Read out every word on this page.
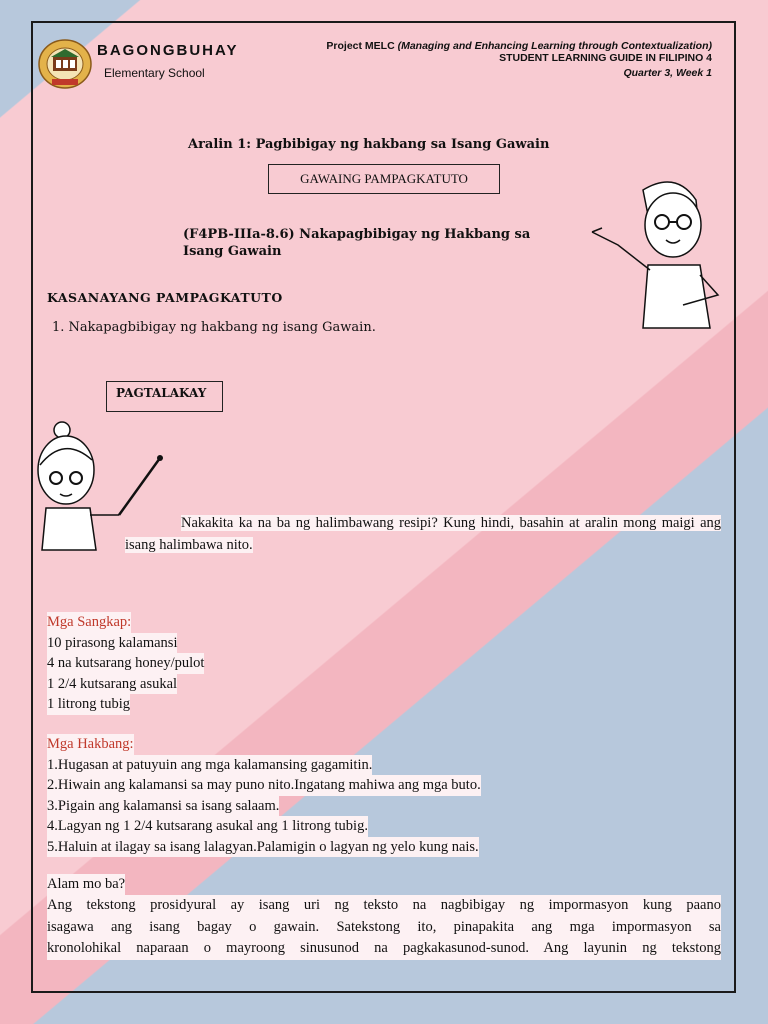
BAGONGBUHAY
Elementary School
Project MELC (Managing and Enhancing Learning through Contextualization)
STUDENT LEARNING GUIDE IN FILIPINO 4
Quarter 3, Week 1
Aralin 1: Pagbibigay ng hakbang sa Isang Gawain
GAWAING PAMPAGKATUTO
(F4PB-IIIa-8.6) Nakapagbibigay ng Hakbang sa Isang Gawain
KASANAYANG PAMPAGKATUTO
1. Nakapagbibigay ng hakbang ng isang Gawain.
PAGTALAKAY
Nakakita ka na ba ng halimbawang resipi? Kung hindi, basahin at aralin mong maigi ang isang halimbawa nito.
Mga Sangkap:
10 pirasong kalamansi
4 na kutsarang honey/pulot
1 2/4 kutsarang asukal
1 litrong tubig
Mga Hakbang:
1.Hugasan at patuyuin ang mga kalamansing gagamitin.
2.Hiwain ang kalamansi sa may puno nito.Ingatang mahiwa ang mga buto.
3.Pigain ang kalamansi sa isang salaam.
4.Lagyan ng 1 2/4 kutsarang asukal ang 1 litrong tubig.
5.Haluin at ilagay sa isang lalagyan.Palamigin o lagyan ng yelo kung nais.
Alam mo ba?
Ang tekstong prosidyural ay isang uri ng teksto na nagbibigay ng impormasyon kung paano
isagawa ang isang bagay o gawain. Satekstong ito, pinapakita ang mga impormasyon sa
kronolohikal naparaan o mayroong sinusunod na pagkakasunod-sunod. Ang layunin ng tekstong
